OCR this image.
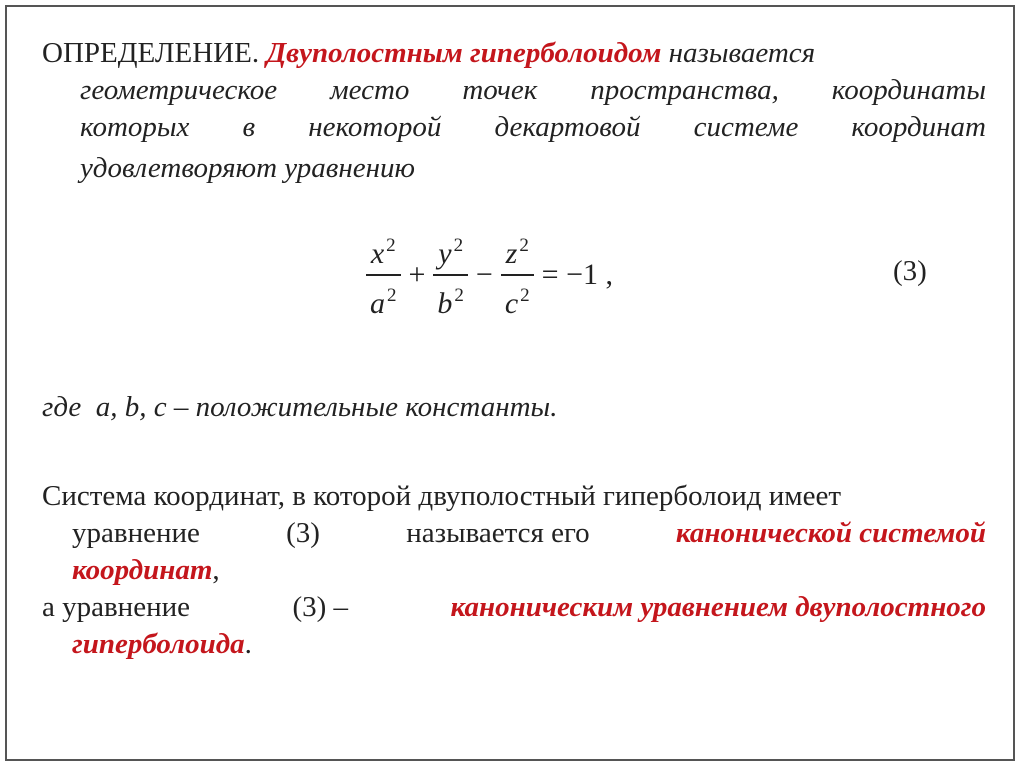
ОПРЕДЕЛЕНИЕ. Двуполостным гиперболоидом называется
геометрическое место точек пространства, координаты
которых в некоторой декартовой системе координат
удовлетворяют уравнению
$\frac{x ^2}{a ^2} + \frac{y ^2}{b ^2} - \frac{z ^2}{c ^2} = -1$ ,	(3)
где a, b, c – положительные константы.
Система координат, в которой двуполостный гиперболоид имеет
уравнение	(3)	называется его	канонической системой
координат,
а уравнение	(3) –	каноническим уравнением двуполостного
гиперболоида.
